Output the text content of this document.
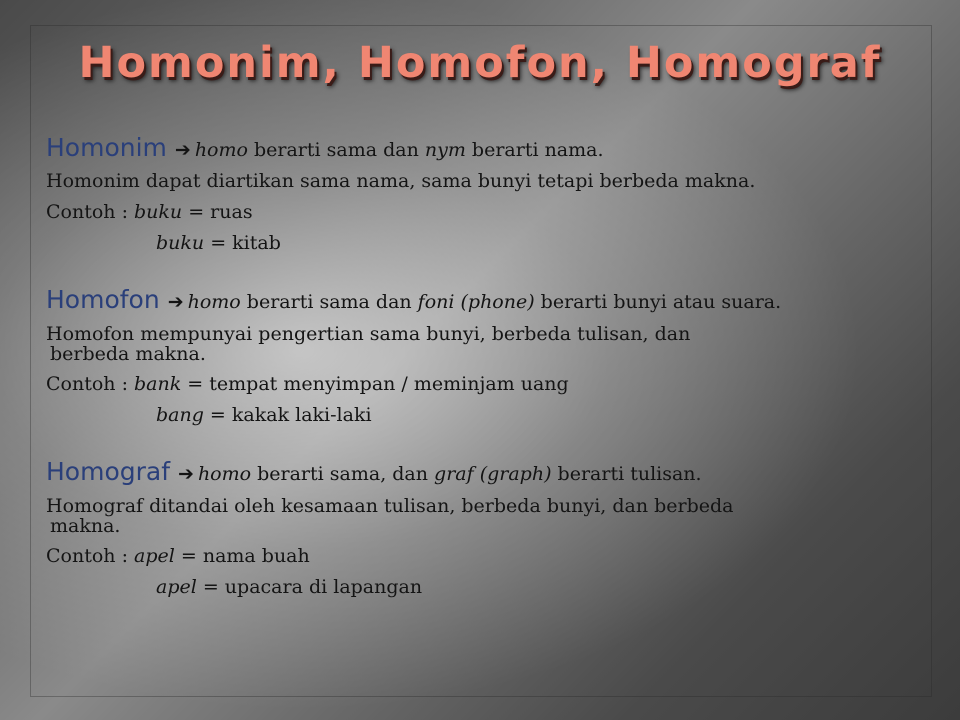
Homonim, Homofon, Homograf
Homonim ➔ homo berarti sama dan nym berarti nama.
Homonim dapat diartikan sama nama, sama bunyi tetapi berbeda makna.
Contoh : buku = ruas
buku = kitab
Homofon ➔ homo berarti sama dan foni (phone) berarti bunyi atau suara.
Homofon mempunyai pengertian sama bunyi, berbeda tulisan, dan
berbeda makna.
Contoh : bank = tempat menyimpan / meminjam uang
bang = kakak laki-laki
Homograf ➔ homo berarti sama, dan graf (graph) berarti tulisan.
Homograf ditandai oleh kesamaan tulisan, berbeda bunyi, dan berbeda
makna.
Contoh : apel = nama buah
apel = upacara di lapangan
